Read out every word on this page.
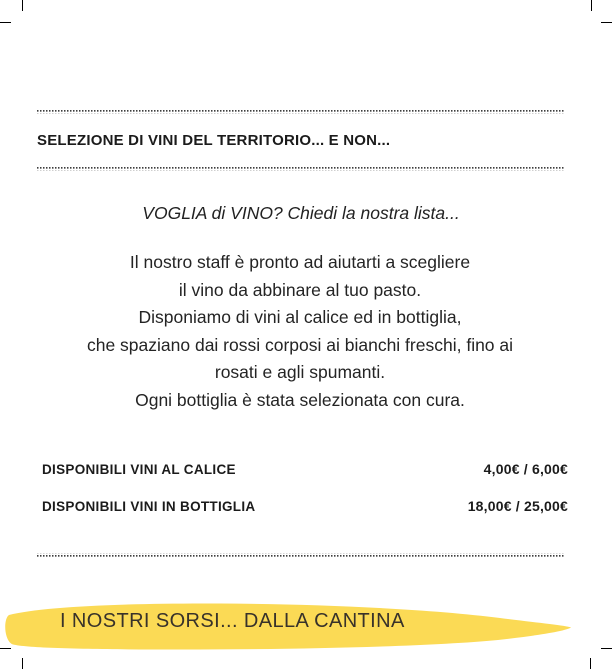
SELEZIONE DI VINI DEL TERRITORIO... E NON...
VOGLIA di VINO? Chiedi la nostra lista...
Il nostro staff è pronto ad aiutarti a scegliere
il vino da abbinare al tuo pasto.
Disponiamo di vini al calice ed in bottiglia,
che spaziano dai rossi corposi ai bianchi freschi, fino ai
rosati e agli spumanti.
Ogni bottiglia è stata selezionata con cura.
DISPONIBILI VINI AL CALICE	4,00€ / 6,00€
DISPONIBILI VINI IN BOTTIGLIA	18,00€ / 25,00€
I NOSTRI SORSI... DALLA CANTINA
